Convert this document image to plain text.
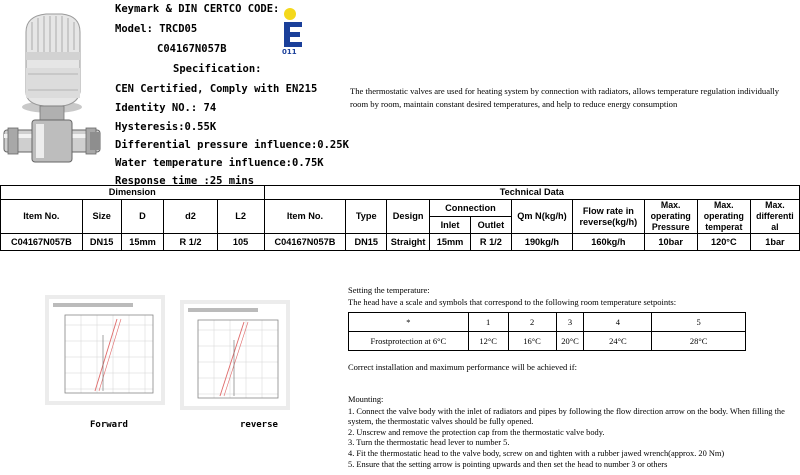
Keymark & DIN CERTCO CODE:
Model: TRCD05
C04167N057B
Specification:
CEN Certified, Comply with EN215
Identity NO.: 74
Hysteresis:0.55K
Differential pressure influence:0.25K
Water temperature influence:0.75K
Response time :25 mins
011
The thermostatic valves are used for heating system by connection with radiators, allows temperature regulation individually room by room, maintain constant desired temperatures, and help to reduce energy consumption
Dimension					Technical Data									
Item No.	Size	D	d2	L2	Item No.	Type	Design	Connection		Qm N(kg/h)	Flow rate in reverse(kg/h)	Max. operating Pressure	Max. operating temperat	Max. differenti al
								Inlet	Outlet					
C04167N057B	DN15	15mm	R 1/2	105	C04167N057B	DN15	Straight	15mm	R 1/2	190kg/h	160kg/h	10bar	120°C	1bar
Forward	reverse
Setting the temperature:
The head have a scale and symbols that correspond to the following room temperature setpoints:
*	1	2	3	4	5
Frostprotection at 6°C	12°C	16°C	20°C	24°C	28°C
Correct installation and maximum performance will be achieved if:
Mounting:
1. Connect the valve body with the inlet of radiators and pipes by following the flow direction arrow on the body. When filling the system, the thermostatic valves should be fully opened.
2. Unscrew and remove the protection cap from the thermostatic valve body.
3. Turn the thermostatic head lever to number 5.
4. Fit the thermostatic head to the valve body, screw on and tighten with a rubber jawed wrench(approx. 20 Nm)
5. Ensure that the setting arrow is pointing upwards and then set the head to number 3 or others
